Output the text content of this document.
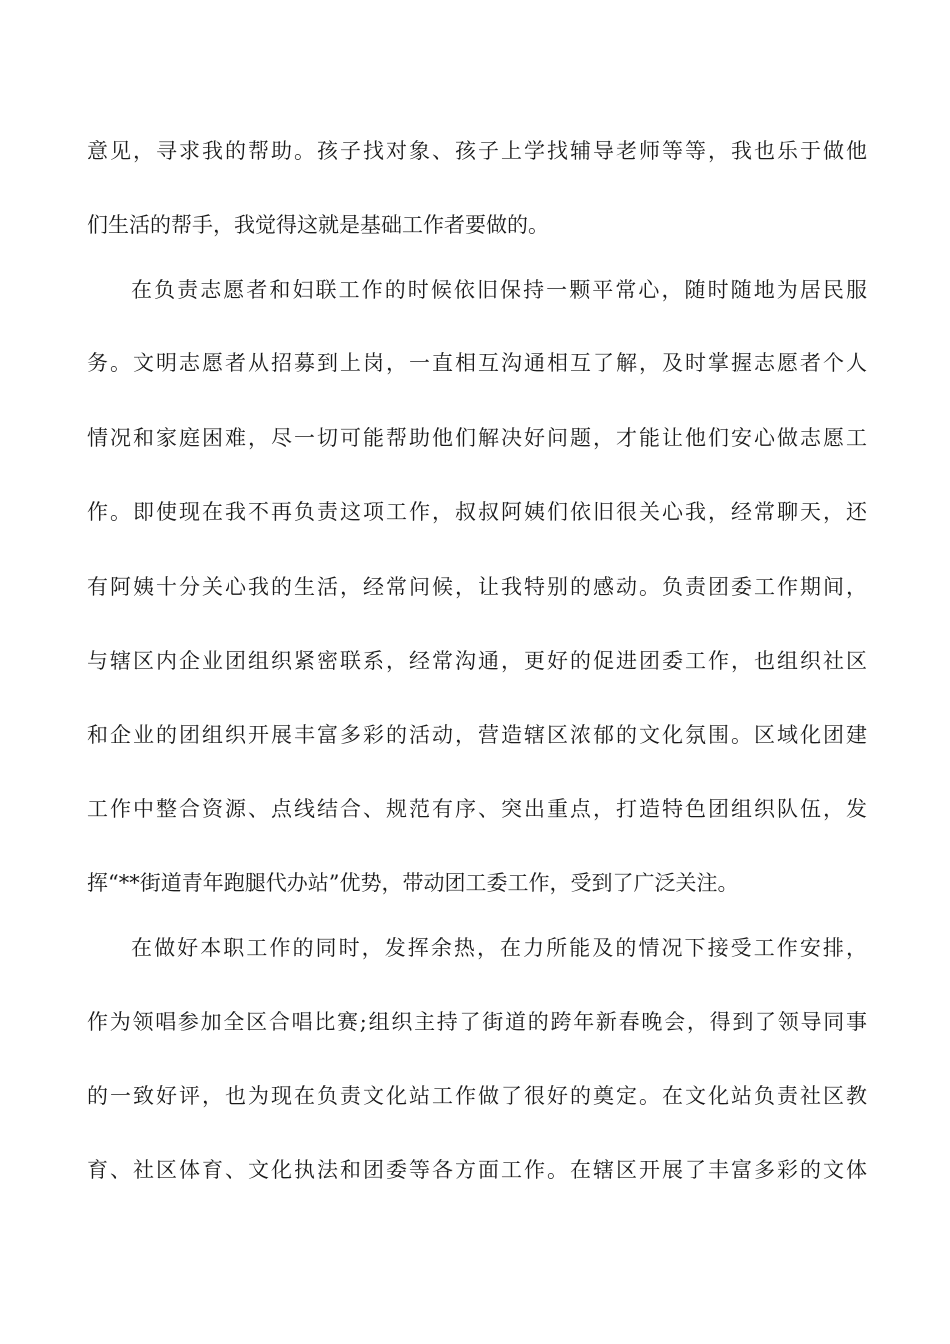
意见，寻求我的帮助。孩子找对象、孩子上学找辅导老师等等，我也乐于做他
们生活的帮手，我觉得这就是基础工作者要做的。
在负责志愿者和妇联工作的时候依旧保持一颗平常心，随时随地为居民服
务。文明志愿者从招募到上岗，一直相互沟通相互了解，及时掌握志愿者个人
情况和家庭困难，尽一切可能帮助他们解决好问题，才能让他们安心做志愿工
作。即使现在我不再负责这项工作，叔叔阿姨们依旧很关心我，经常聊天，还
有阿姨十分关心我的生活，经常问候，让我特别的感动。负责团委工作期间，
与辖区内企业团组织紧密联系，经常沟通，更好的促进团委工作，也组织社区
和企业的团组织开展丰富多彩的活动，营造辖区浓郁的文化氛围。区域化团建
工作中整合资源、点线结合、规范有序、突出重点，打造特色团组织队伍，发
挥“**街道青年跑腿代办站”优势，带动团工委工作，受到了广泛关注。
在做好本职工作的同时，发挥余热，在力所能及的情况下接受工作安排，
作为领唱参加全区合唱比赛;组织主持了街道的跨年新春晚会，得到了领导同事
的一致好评，也为现在负责文化站工作做了很好的奠定。在文化站负责社区教
育、社区体育、文化执法和团委等各方面工作。在辖区开展了丰富多彩的文体
